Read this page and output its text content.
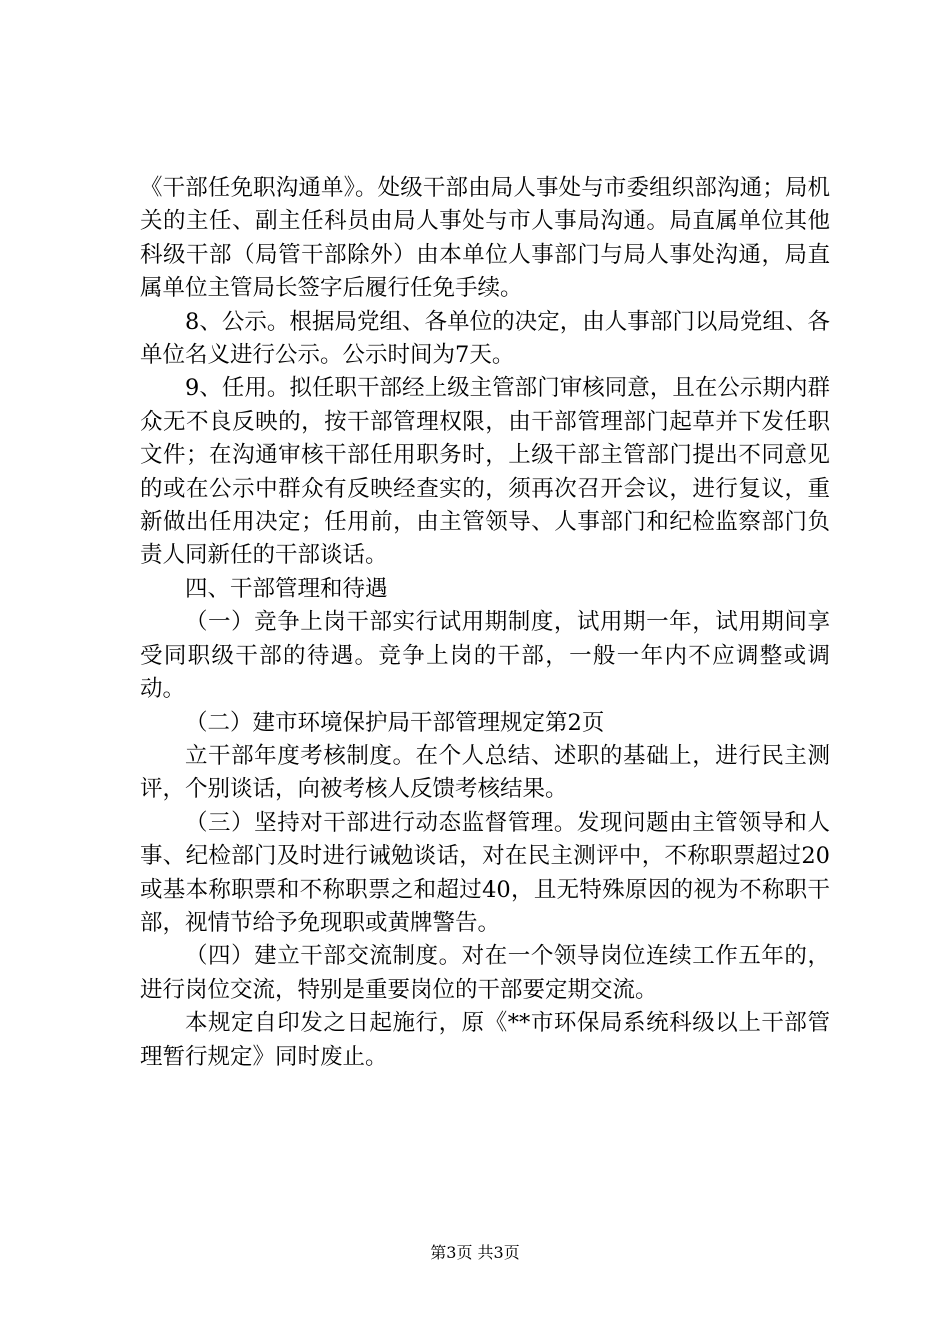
《干部任免职沟通单》。处级干部由局人事处与市委组织部沟通；局机关的主任、副主任科员由局人事处与市人事局沟通。局直属单位其他科级干部（局管干部除外）由本单位人事部门与局人事处沟通，局直属单位主管局长签字后履行任免手续。

8、公示。根据局党组、各单位的决定，由人事部门以局党组、各单位名义进行公示。公示时间为7天。

9、任用。拟任职干部经上级主管部门审核同意，且在公示期内群众无不良反映的，按干部管理权限，由干部管理部门起草并下发任职文件；在沟通审核干部任用职务时，上级干部主管部门提出不同意见的或在公示中群众有反映经查实的，须再次召开会议，进行复议，重新做出任用决定；任用前，由主管领导、人事部门和纪检监察部门负责人同新任的干部谈话。

四、干部管理和待遇

（一）竞争上岗干部实行试用期制度，试用期一年，试用期间享受同职级干部的待遇。竞争上岗的干部，一般一年内不应调整或调动。

（二）建市环境保护局干部管理规定第2页

立干部年度考核制度。在个人总结、述职的基础上，进行民主测评，个别谈话，向被考核人反馈考核结果。

（三）坚持对干部进行动态监督管理。发现问题由主管领导和人事、纪检部门及时进行诫勉谈话，对在民主测评中，不称职票超过20或基本称职票和不称职票之和超过40，且无特殊原因的视为不称职干部，视情节给予免现职或黄牌警告。

（四）建立干部交流制度。对在一个领导岗位连续工作五年的，进行岗位交流，特别是重要岗位的干部要定期交流。

本规定自印发之日起施行，原《**市环保局系统科级以上干部管理暂行规定》同时废止。

第3页 共3页
